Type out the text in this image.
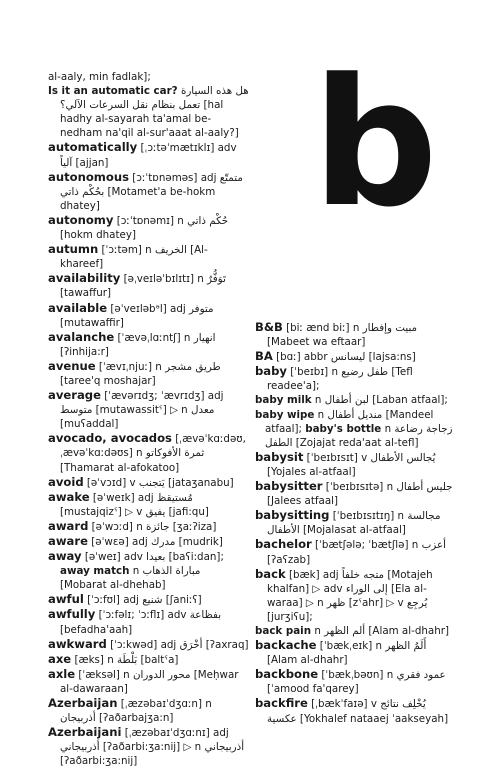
al-aaly, min fadlak];

Is it an automatic car? هل هذه السيارة تعمل بنظام نقل السرعات الآلي؟ [hal hadhy al-sayarah ta'amal be-nedham na'qil al-sur'aaat al-aaly?]

automatically [ˌɔːtəˈmætɪklɪ] adv آلياً [ajjan]

autonomous [ɔːˈtɒnəməs] adj متمتّع بحُكْم ذاتي [Motamet'a be-hokm dhatey]

autonomy [ɔːˈtɒnəmɪ] n حُكْم ذاتي [hokm dhatey]

autumn [ˈɔːtəm] n الخريف [Al-khareef]

availability [əˌveɪləˈbɪlɪtɪ] n تَوَفُّرٌ [tawaffur]

available [əˈveɪləbᵊl] adj متوفر [mutawaffir]

avalanche [ˈævəˌlɑːntʃ] n انهيار [ʔinhija:r]

avenue [ˈævɪˌnjuː] n طريق مشجر [taree'q moshajar]

average [ˈævərɪdʒ; ˈævrɪdʒ] adj متوسط [mutawassitˤ] ▷ n معدل [muʕaddal]

avocado, avocados [ˌævəˈkɑːdəʊ, ˌævəˈkɑːdəʊs] n ثمرة الأفوكاتو [Thamarat al-afokatoo]

avoid [əˈvɔɪd] v يَتجنب [jataʒanabu]

awake [əˈweɪk] adj مُستيقظ [mustajqizˤ] ▷ v يفيق [jafi:qu]

award [əˈwɔːd] n جائزة [ʒaːʔiza]

aware [əˈwɛə] adj مدرك [mudrik]

away [əˈweɪ] adv بعيدا [baʕi:dan]; away match n مباراة الذهاب [Mobarat al-dhehab]

awful [ˈɔːfʊl] adj شنيع [ʃaniːʕ]

awfully [ˈɔːfəlɪ; ˈɔːflɪ] adv بفظاعة [befadha'aah]

awkward [ˈɔːkwəd] adj أخْرَق [ʔaxraq]

axe [æks] n بَلْطَة [baltˤa]

axle [ˈæksəl] n محور الدوران [Meḥwar al-dawaraan]

Azerbaijan [ˌæzəbaɪˈdʒɑːn] n أذربيجان [ʔaðarbajʒa:n]

Azerbaijani [ˌæzəbaɪˈdʒɑːnɪ] adj أذربيجاني [ʔaðarbi:ʒa:nij] ▷ n أذربيجاني [ʔaðarbi:ʒa:nij]

b

B&B [biː ænd biː] n مبيت وإفطار [Mabeet wa eftaar]

BA [bɑː] abbr ليسانس [lajsa:ns]

baby [ˈbeɪbɪ] n طفل رضيع [Tefl readee'a];

baby milk n لبن أطفال [Laban atfaal];

baby wipe n منديل أطفال [Mandeel atfaal]; baby's bottle n زجاجة رضاعة الطفل [Zojajat reda'aat al-tefl]

babysit [ˈbeɪbɪsɪt] v يُجالس الأطفال [Yojales al-atfaal]

babysitter [ˈbeɪbɪsɪtə] n جليس أطفال [Jalees atfaal]

babysitting [ˈbeɪbɪsɪtɪŋ] n مجالسة الأطفال [Mojalasat al-atfaal]

bachelor [ˈbætʃələ; ˈbætʃlə] n أعزب [ʔaʕzab]

back [bæk] adj متجه خلفاً [Motajeh khalfan] ▷ adv إلى الوراء [Ela al-waraa] ▷ n ظهر [zˤahr] ▷ v يُرجِع [jurʒiʕu];

back pain n ألم الظهر [Alam al-dhahr]

backache [ˈbækˌeɪk] n أَلَمُ الظهر [Alam al-dhahr]

backbone [ˈbækˌbəʊn] n عمود فقري [ˈamood fa'qarey]

backfire [ˌbækˈfaɪə] v يُخْلِف نتائج عكسية [Yokhalef nataaej ˈaakseyah]
